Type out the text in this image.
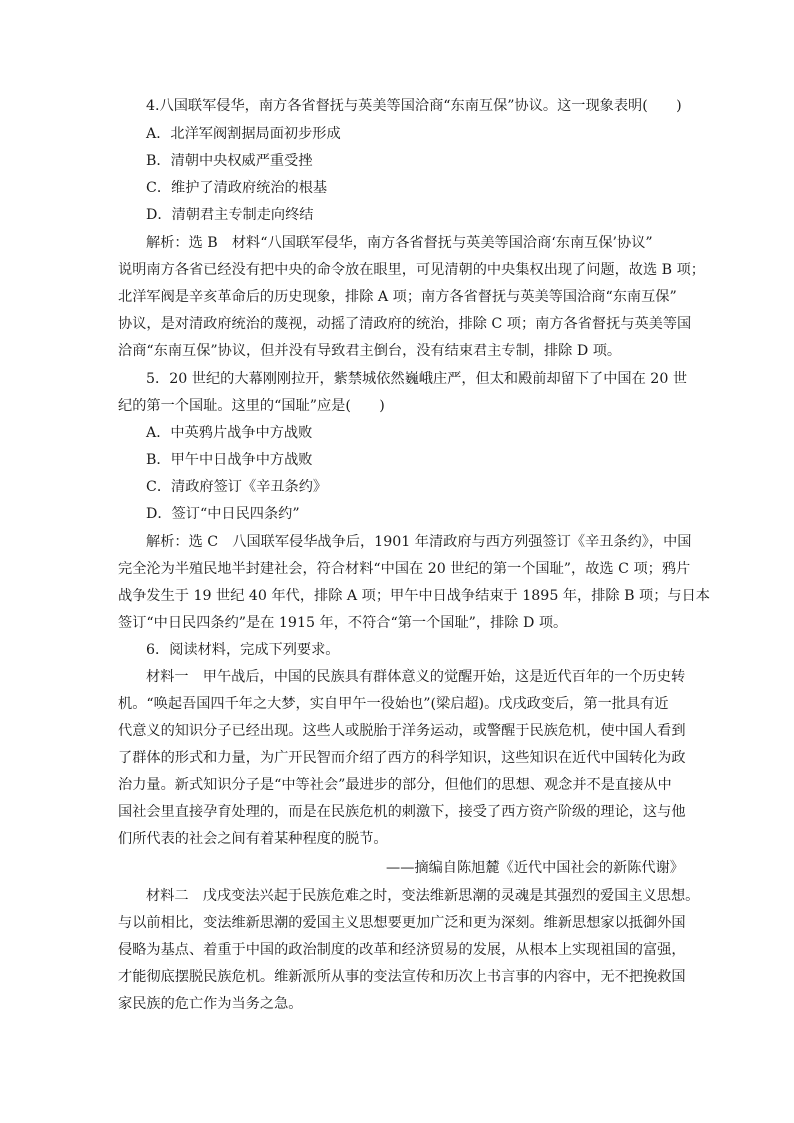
4.八国联军侵华，南方各省督抚与英美等国洽商“东南互保”协议。这一现象表明(　　)
A．北洋军阀割据局面初步形成
B．清朝中央权威严重受挫
C．维护了清政府统治的根基
D．清朝君主专制走向终结
解析：选 B　材料“八国联军侵华，南方各省督抚与英美等国洽商‘东南互保’协议”
说明南方各省已经没有把中央的命令放在眼里，可见清朝的中央集权出现了问题，故选 B 项；
北洋军阀是辛亥革命后的历史现象，排除 A 项；南方各省督抚与英美等国洽商“东南互保”
协议，是对清政府统治的蔑视，动摇了清政府的统治，排除 C 项；南方各省督抚与英美等国
洽商“东南互保”协议，但并没有导致君主倒台，没有结束君主专制，排除 D 项。
5．20 世纪的大幕刚刚拉开，紫禁城依然巍峨庄严，但太和殿前却留下了中国在 20 世
纪的第一个国耻。这里的“国耻”应是(　　)
A．中英鸦片战争中方战败
B．甲午中日战争中方战败
C．清政府签订《辛丑条约》
D．签订“中日民四条约”
解析：选 C　八国联军侵华战争后，1901 年清政府与西方列强签订《辛丑条约》，中国
完全沦为半殖民地半封建社会，符合材料“中国在 20 世纪的第一个国耻”，故选 C 项；鸦片
战争发生于 19 世纪 40 年代，排除 A 项；甲午中日战争结束于 1895 年，排除 B 项；与日本
签订“中日民四条约”是在 1915 年，不符合“第一个国耻”，排除 D 项。
6．阅读材料，完成下列要求。
材料一　甲午战后，中国的民族具有群体意义的觉醒开始，这是近代百年的一个历史转
机。“唤起吾国四千年之大梦，实自甲午一役始也”(梁启超)。戊戌政变后，第一批具有近
代意义的知识分子已经出现。这些人或脱胎于洋务运动，或警醒于民族危机，使中国人看到
了群体的形式和力量，为广开民智而介绍了西方的科学知识，这些知识在近代中国转化为政
治力量。新式知识分子是“中等社会”最进步的部分，但他们的思想、观念并不是直接从中
国社会里直接孕育处理的，而是在民族危机的刺激下，接受了西方资产阶级的理论，这与他
们所代表的社会之间有着某种程度的脱节。
——摘编自陈旭麓《近代中国社会的新陈代谢》
材料二　戊戌变法兴起于民族危难之时，变法维新思潮的灵魂是其强烈的爱国主义思想。
与以前相比，变法维新思潮的爱国主义思想要更加广泛和更为深刻。维新思想家以抵御外国
侵略为基点、着重于中国的政治制度的改革和经济贸易的发展，从根本上实现祖国的富强，
才能彻底摆脱民族危机。维新派所从事的变法宣传和历次上书言事的内容中，无不把挽救国
家民族的危亡作为当务之急。
